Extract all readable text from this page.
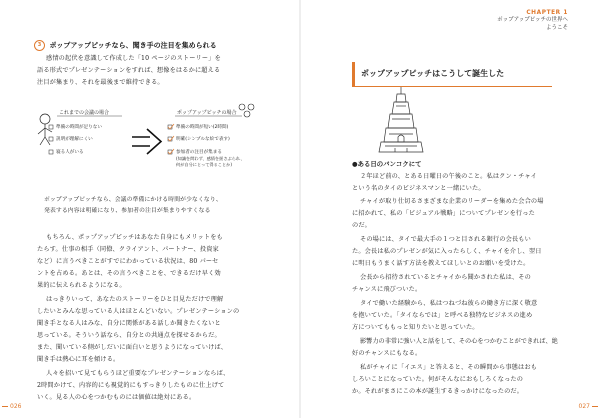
3 ポップアップピッチなら、聞き手の注目を集められる
感情の起伏を意識して作成した「10 ページのストーリー」を
語る形式でプレゼンテーションをすれば、想像をはるかに超える
注目が集まり、それを最後まで維持できる。
これまでの会議の場合	ポップアップピッチの場合
準備の時間が足りない
説明が理解にくい
寝る人がいる
準備の時間が短い(2時間)
明確(シンプルな絵で表す)
参加者の注目が集まる
(知識を問わず、感情を揺さぶられ、
何が自分にとって得ることか)
ポップアップピッチなら、会議の準備にかける時間が少なくなり、
発表する内容は明確になり、参加者の注目が集まりやすくなる
もちろん、ポップアップピッチはあなた自身にもメリットをも
たらす。仕事の相手（同僚、クライアント、パートナー、投資家
など）に言うべきことがすでにわかっている状況は、80 パーセ
ントを占める。あとは、その言うべきことを、できるだけ早く効
果的に伝えられるようになる。
はっきりいって、あなたのストーリーをひと目見ただけで理解
したいとみんな思っている人はほとんどいない。プレゼンテーションの
聞き手となる人はみな、自分に関係がある話しか聞きたくないと
思っている。そういう話なら、自分との共通点を探せるからだ。
また、聞いている側がしだいに面白いと思うようになっていけば、
聞き手は熱心に耳を傾ける。
人々を招いて見てもらうほど重要なプレゼンテーションならば、
2時間かけて、内容的にも視覚的にもすっきりしたものに仕上げて
いく。見る人の心をつかむものには価値は絶対にある。
026
CHAPTER 1
ポップアップピッチの世界へ
ようこそ
ポップアップピッチはこうして誕生した
●ある日のバンコクにて
２年ほど前の、とある日曜日の午後のこと。私はクン・チャイ
という名のタイのビジネスマンと一緒にいた。
チャイが取り仕切るさまざまな企業のリーダーを集めた会合の場
に招かれて、私の「ビジュアル戦略」についてプレゼンを行った
のだ。
その場には、タイで最大手の１つと目される銀行の会長もい
た。会長は私のプレゼンが気に入ったらしく、チャイを介し、翌日
に明日もうまく話す方法を教えてほしいとのお願いを受けた。
会長から招待されているとチャイから聞かされた私は、その
チャンスに飛びついた。
タイで働いた経験から、私はつねづね彼らの働き方に深く敬意
を抱いていた。「タイならでは」と呼べる独特なビジネスの進め
方についてももっと知りたいと思っていた。
影響力の非常に強い人と話をして、その心をつかむことができれば、絶
好のチャンスにもなる。
私がチャイに「イエス」と答えると、その瞬間から事態はおも
しろいことになっていた。何がそんなにおもしろくなったの
か。それがまさにこの本が誕生するきっかけになったのだ。
027
